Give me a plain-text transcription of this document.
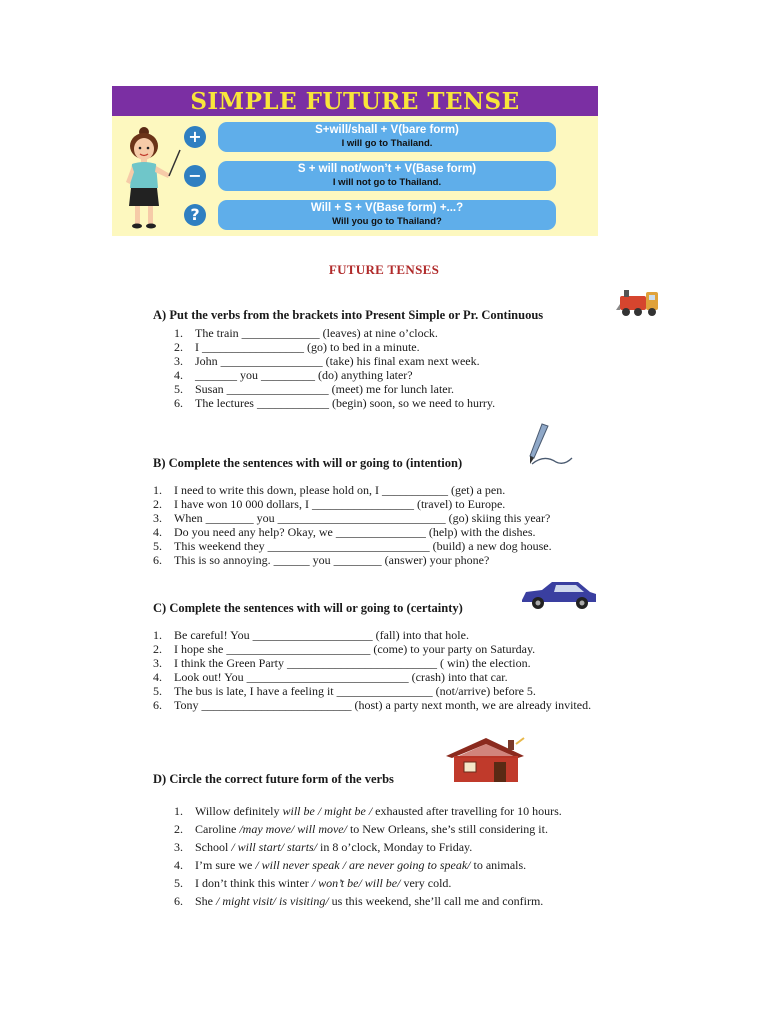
SIMPLE FUTURE TENSE
+	S+will/shall + V(bare form)
I will go to Thailand.
−	S + will not/won’t + V(Base form)
I will not go to Thailand.
?	Will + S + V(Base form) +...?
Will you go to Thailand?
FUTURE TENSES
A) Put the verbs from the brackets into Present Simple or Pr. Continuous
1. The train _____________ (leaves) at nine o’clock.
2. I _________________ (go) to bed in a minute.
3. John _________________ (take) his final exam next week.
4. _______ you _________ (do) anything later?
5. Susan _________________ (meet) me for lunch later.
6. The lectures ____________ (begin) soon, so we need to hurry.
B) Complete the sentences with will or going to (intention)
1. I need to write this down, please hold on, I ___________ (get) a pen.
2. I have won 10 000 dollars, I _________________ (travel) to Europe.
3. When ________ you ____________________________ (go) skiing this year?
4. Do you need any help? Okay, we _______________ (help) with the dishes.
5. This weekend they ___________________________ (build) a new dog house.
6. This is so annoying. ______ you ________ (answer) your phone?
C) Complete the sentences with will or going to (certainty)
1. Be careful! You ____________________ (fall) into that hole.
2. I hope she ________________________ (come) to your party on Saturday.
3. I think the Green Party _________________________ ( win) the election.
4. Look out! You ___________________________ (crash) into that car.
5. The bus is late, I have a feeling it ________________ (not/arrive) before 5.
6. Tony _________________________ (host) a party next month, we are already invited.
D) Circle the correct future form of the verbs
1. Willow definitely will be / might be / exhausted after travelling for 10 hours.
2. Caroline /may move/ will move/ to New Orleans, she’s still considering it.
3. School / will start/ starts/ in 8 o’clock, Monday to Friday.
4. I’m sure we / will never speak / are never going to speak/ to animals.
5. I don’t think this winter / won’t be/ will be/ very cold.
6. She / might visit/ is visiting/ us this weekend, she’ll call me and confirm.
